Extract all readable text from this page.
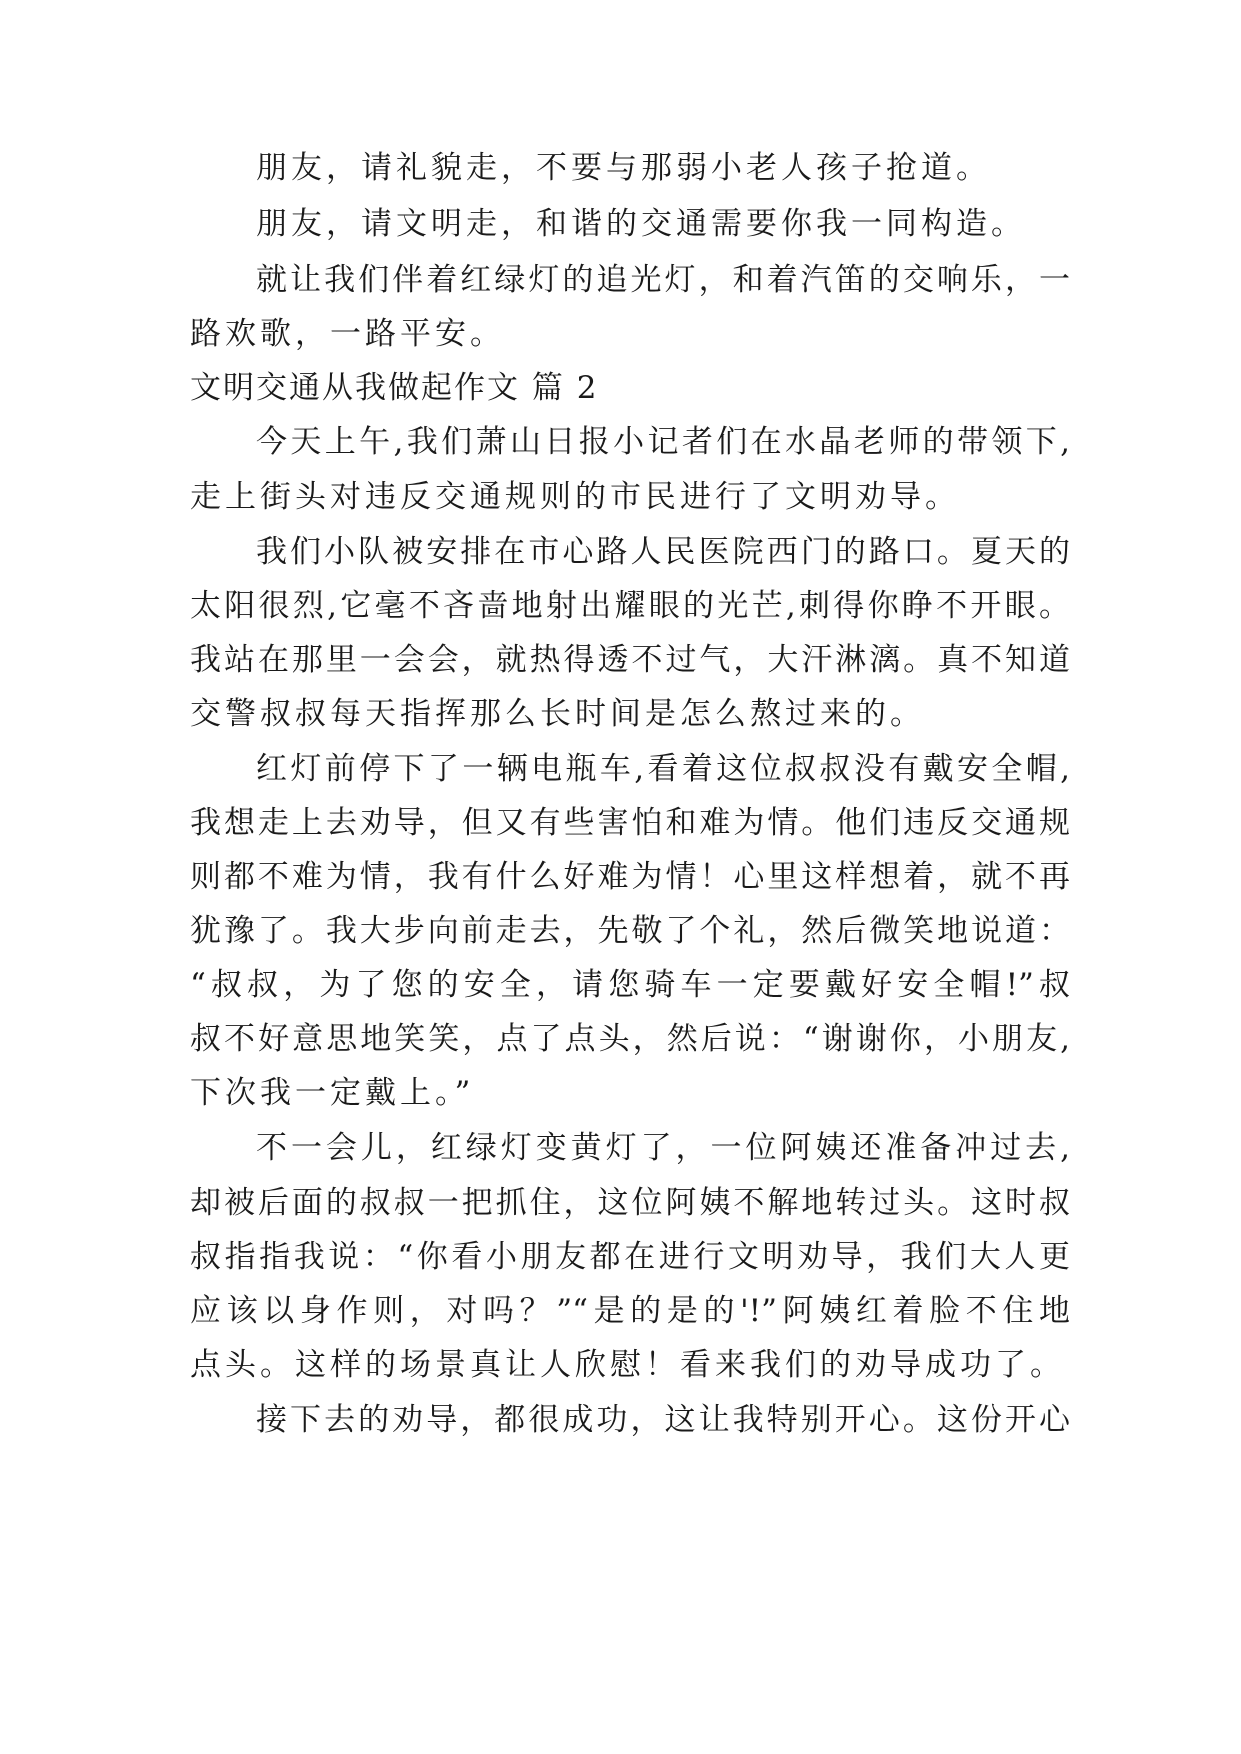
朋友，请礼貌走，不要与那弱小老人孩子抢道。
朋友，请文明走，和谐的交通需要你我一同构造。
就让我们伴着红绿灯的追光灯，和着汽笛的交响乐，一
路欢歌，一路平安。
文明交通从我做起作文 篇 2
今天上午,我们萧山日报小记者们在水晶老师的带领下,
走上街头对违反交通规则的市民进行了文明劝导。
我们小队被安排在市心路人民医院西门的路口。夏天的
太阳很烈,它毫不吝啬地射出耀眼的光芒,刺得你睁不开眼。
我站在那里一会会，就热得透不过气，大汗淋漓。真不知道
交警叔叔每天指挥那么长时间是怎么熬过来的。
红灯前停下了一辆电瓶车,看着这位叔叔没有戴安全帽,
我想走上去劝导，但又有些害怕和难为情。他们违反交通规
则都不难为情，我有什么好难为情！心里这样想着，就不再
犹豫了。我大步向前走去，先敬了个礼，然后微笑地说道：
“叔叔，为了您的安全，请您骑车一定要戴好安全帽!”叔
叔不好意思地笑笑，点了点头，然后说：“谢谢你，小朋友,
下次我一定戴上。”
不一会儿，红绿灯变黄灯了，一位阿姨还准备冲过去,
却被后面的叔叔一把抓住，这位阿姨不解地转过头。这时叔
叔指指我说：“你看小朋友都在进行文明劝导，我们大人更
应该以身作则，对吗？”“是的是的'!”阿姨红着脸不住地
点头。这样的场景真让人欣慰！看来我们的劝导成功了。
接下去的劝导，都很成功，这让我特别开心。这份开心
